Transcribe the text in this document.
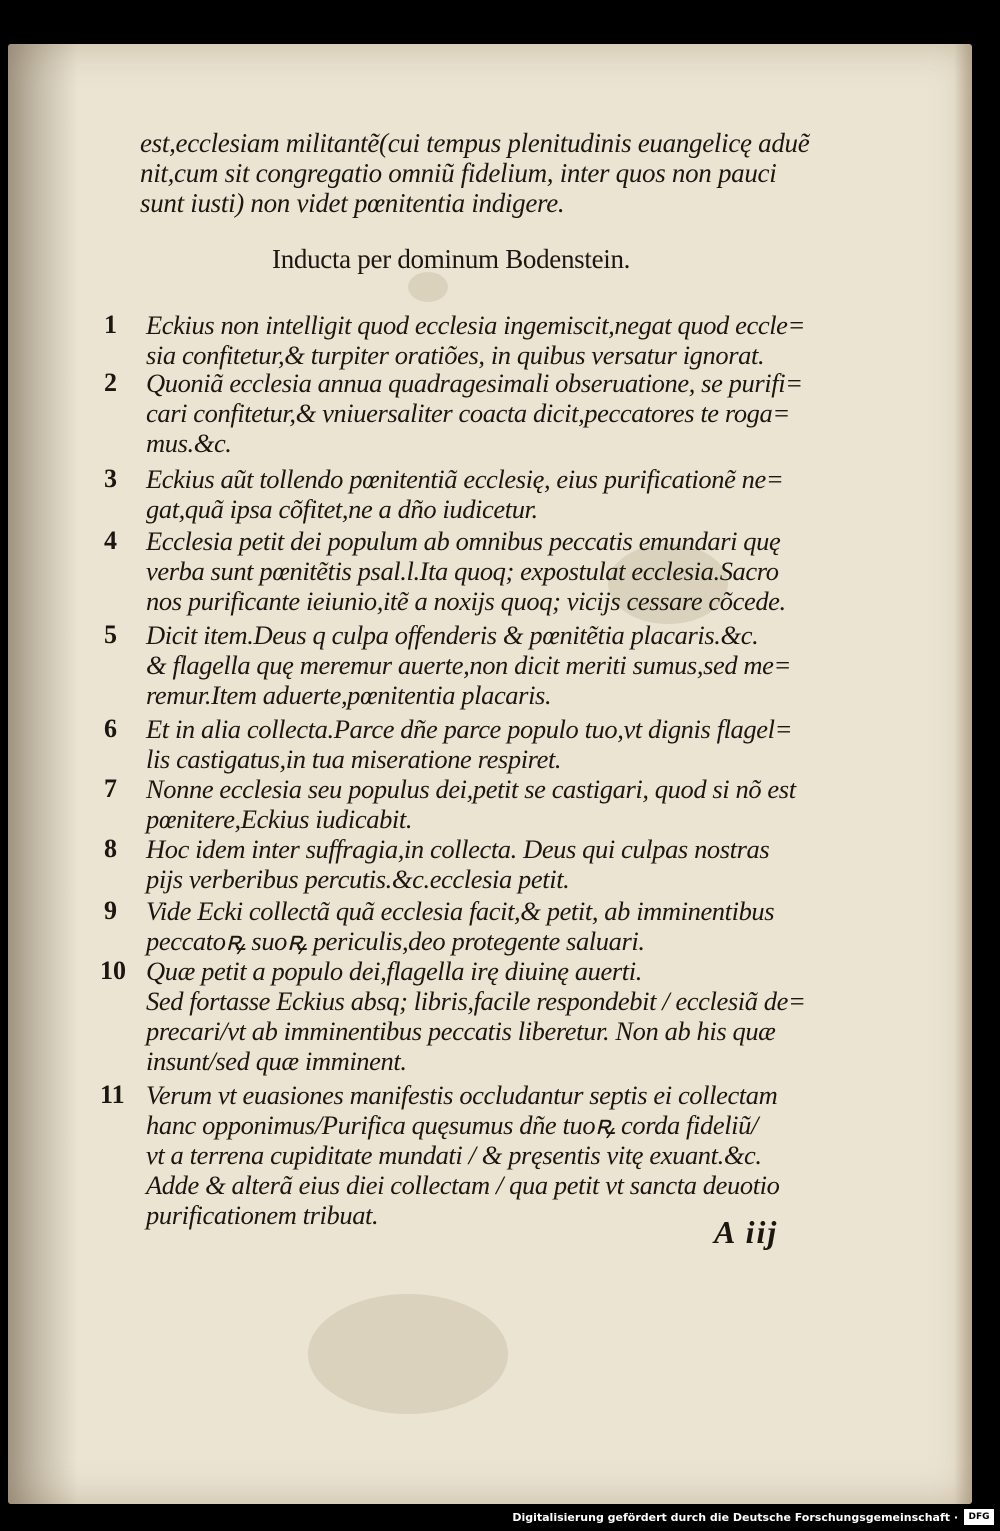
est,ecclesiam militantẽ(cui tempus plenitudinis euangelicę aduẽ
nit,cum sit congregatio omniũ fidelium, inter quos non pauci
sunt iusti) non videt pœnitentia indigere.
Inducta per dominum Bodenstein.
1	Eckius non intelligit quod ecclesia ingemiscit,negat quod eccle=
sia confitetur,& turpiter oratiões, in quibus versatur ignorat.
2	Quoniã ecclesia annua quadragesimali obseruatione, se purifi=
cari confitetur,& vniuersaliter coacta dicit,peccatores te roga=
mus.&c.
3	Eckius aũt tollendo pœnitentiã ecclesię, eius purificationẽ ne=
gat,quã ipsa cõfitet,ne a dño iudicetur.
4	Ecclesia petit dei populum ab omnibus peccatis emundari quę
verba sunt pœnitẽtis psal.l.Ita quoq; expostulat ecclesia.Sacro
nos purificante ieiunio,itẽ a noxijs quoq; vicijs cessare cõcede.
5	Dicit item.Deus q culpa offenderis & pœnitẽtia placaris.&c.
& flagella quę meremur auerte,non dicit meriti sumus,sed me=
remur.Item aduerte,pœnitentia placaris.
6	Et in alia collecta.Parce dñe parce populo tuo,vt dignis flagel=
lis castigatus,in tua miseratione respiret.
7	Nonne ecclesia seu populus dei,petit se castigari, quod si nõ est
pœnitere,Eckius iudicabit.
8	Hoc idem inter suffragia,in collecta. Deus qui culpas nostras
pijs verberibus percutis.&c.ecclesia petit.
9	Vide Ecki collectã quã ecclesia facit,& petit, ab imminentibus
peccatoꝶ suoꝶ periculis,deo protegente saluari.
10 Quæ petit a populo dei,flagella irę diuinę auerti.
Sed fortasse Eckius absq; libris,facile respondebit / ecclesiã de=
precari/vt ab imminentibus peccatis liberetur. Non ab his quæ
insunt/sed quæ imminent.
11 Verum vt euasiones manifestis occludantur septis ei collectam
hanc opponimus/Purifica quęsumus dñe tuoꝶ corda fideliũ/
vt a terrena cupiditate mundati / & pręsentis vitę exuant.&c.
Adde & alterã eius diei collectam / qua petit vt sancta deuotio
purificationem tribuat.	A iij
Digitalisierung gefördert durch die Deutsche Forschungsgemeinschaft ·	DFG
